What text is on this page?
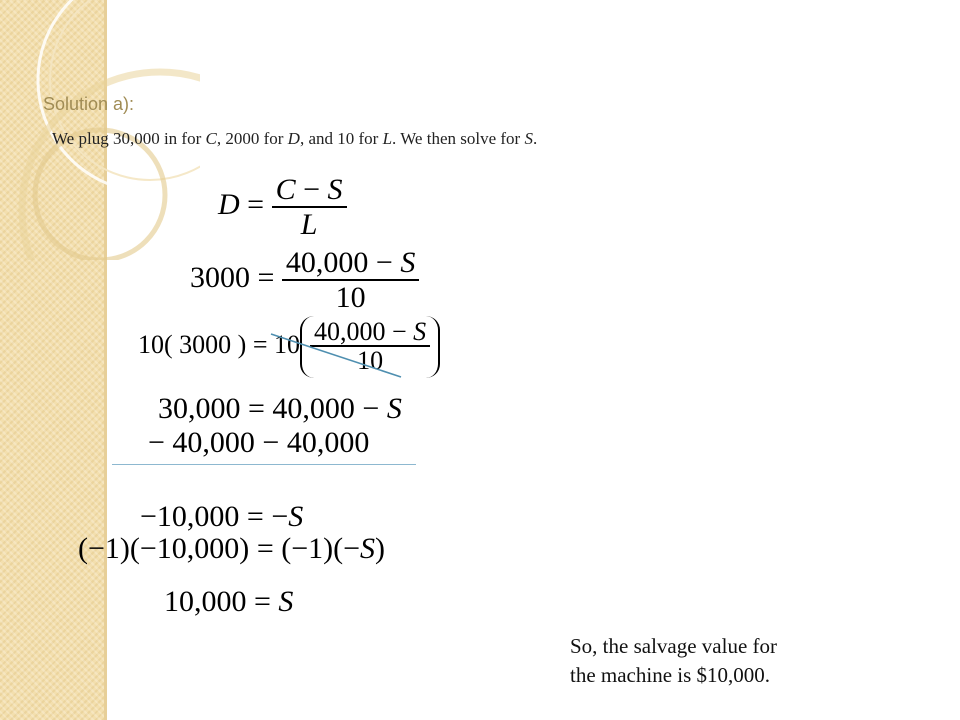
Solution a):
We plug 30,000 in for C, 2000 for D, and 10 for L. We then solve for S.
$D = \frac{C - S}{L}$
$3000 = \frac{40,000 - S}{10}$
10( 3000 ) = $10 \frac{40,000 - S}{10}$
30,000 = 40,000 − S
− 40,000 − 40,000
−10,000 = −S
(−1)(−10,000) = (−1)(−S)
10,000 = S
So, the salvage value for
the machine is $10,000.
